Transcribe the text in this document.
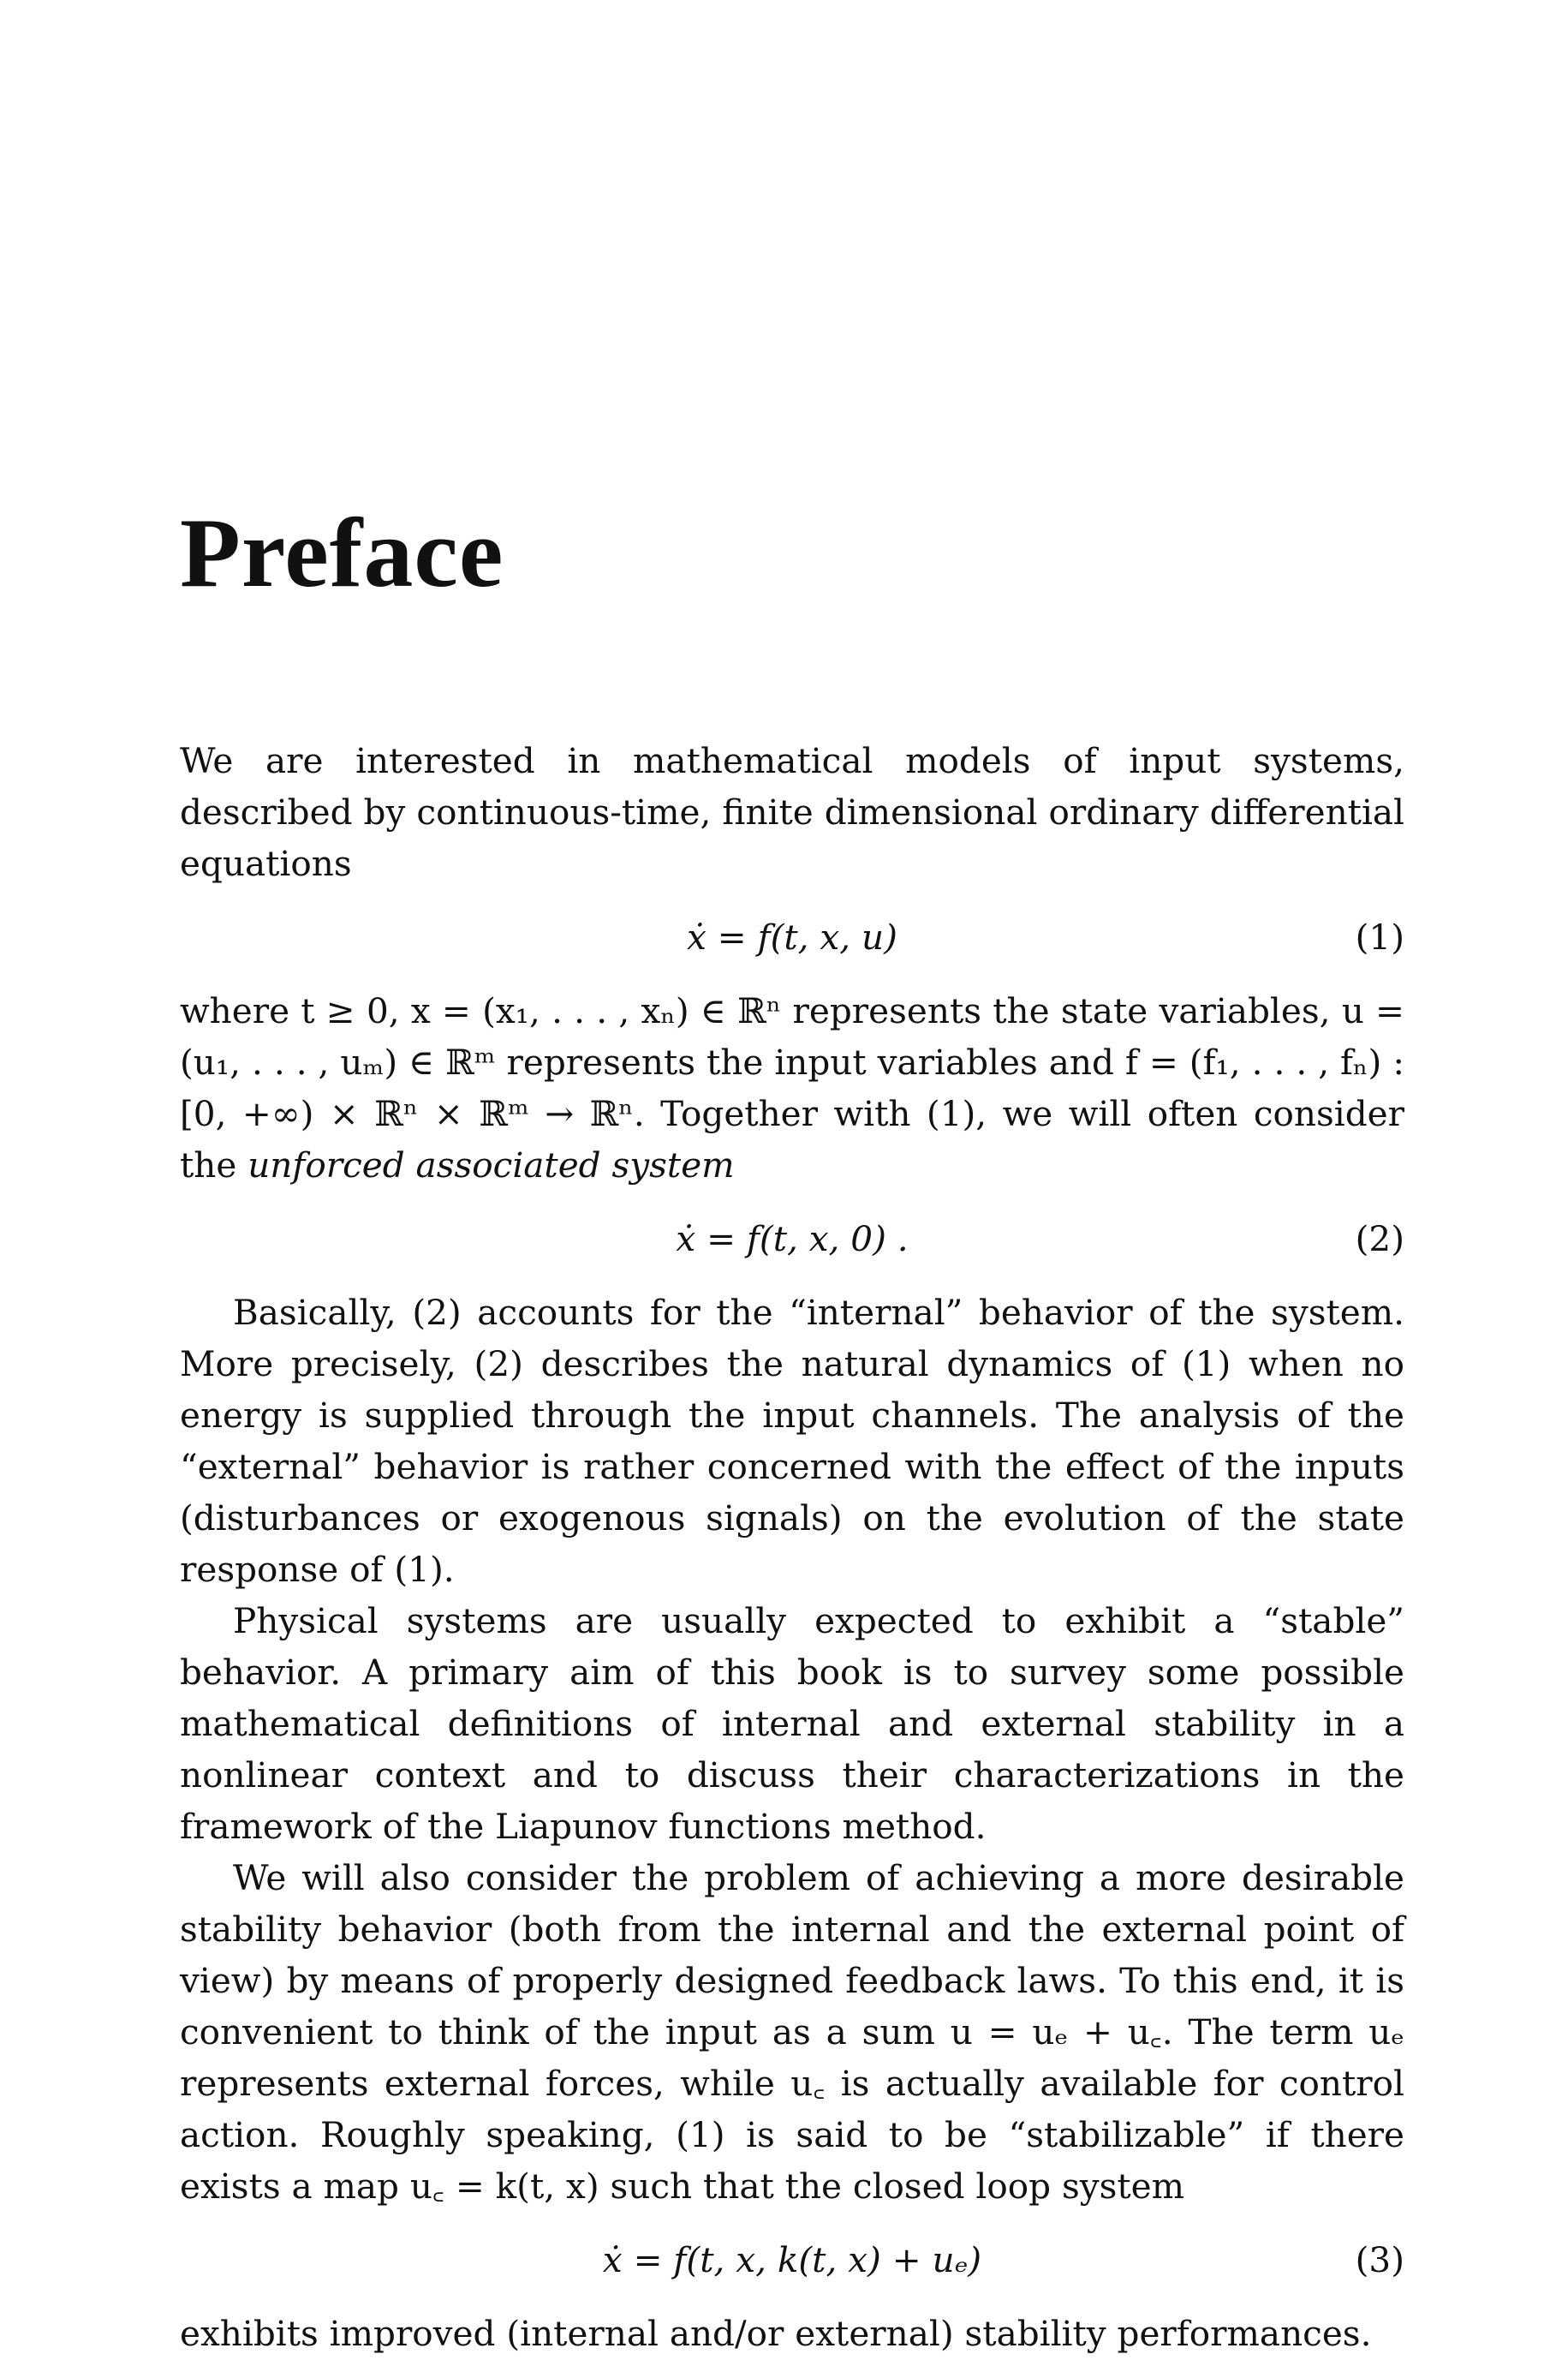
Preface

We are interested in mathematical models of input systems, described by continuous-time, finite dimensional ordinary differential equations

ẋ = f(t, x, u)	(1)

where t ≥ 0, x = (x₁, . . . , xₙ) ∈ ℝⁿ represents the state variables, u = (u₁, . . . , uₘ) ∈ ℝᵐ represents the input variables and f = (f₁, . . . , fₙ) : [0, +∞) × ℝⁿ × ℝᵐ → ℝⁿ. Together with (1), we will often consider the unforced associated system

ẋ = f(t, x, 0) .	(2)

Basically, (2) accounts for the “internal” behavior of the system. More precisely, (2) describes the natural dynamics of (1) when no energy is supplied through the input channels. The analysis of the “external” behavior is rather concerned with the effect of the inputs (disturbances or exogenous signals) on the evolution of the state response of (1).

Physical systems are usually expected to exhibit a “stable” behavior. A primary aim of this book is to survey some possible mathematical definitions of internal and external stability in a nonlinear context and to discuss their characterizations in the framework of the Liapunov functions method.

We will also consider the problem of achieving a more desirable stability behavior (both from the internal and the external point of view) by means of properly designed feedback laws. To this end, it is convenient to think of the input as a sum u = uₑ + u꜀. The term uₑ represents external forces, while u꜀ is actually available for control action. Roughly speaking, (1) is said to be “stabilizable” if there exists a map u꜀ = k(t, x) such that the closed loop system

ẋ = f(t, x, k(t, x) + uₑ)	(3)

exhibits improved (internal and/or external) stability performances.
